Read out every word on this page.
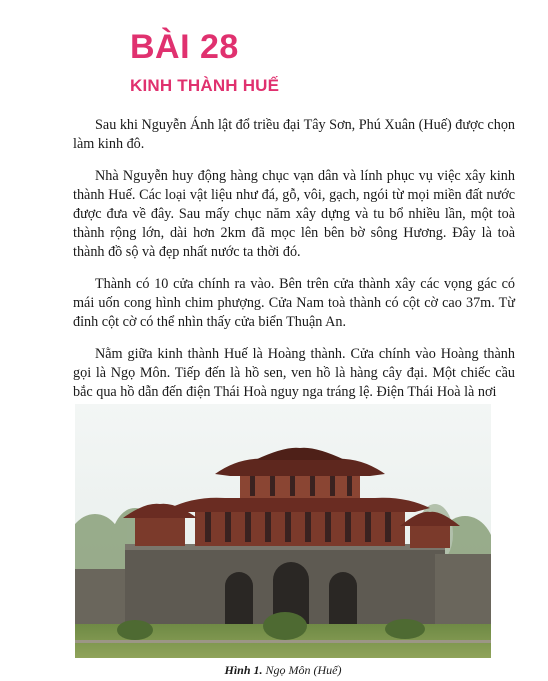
BÀI 28
KINH THÀNH HUẾ

Sau khi Nguyễn Ánh lật đổ triều đại Tây Sơn, Phú Xuân (Huế) được chọn làm kinh đô.

Nhà Nguyễn huy động hàng chục vạn dân và lính phục vụ việc xây kinh thành Huế. Các loại vật liệu như đá, gỗ, vôi, gạch, ngói từ mọi miền đất nước được đưa về đây. Sau mấy chục năm xây dựng và tu bổ nhiều lần, một toà thành rộng lớn, dài hơn 2km đã mọc lên bên bờ sông Hương. Đây là toà thành đồ sộ và đẹp nhất nước ta thời đó.

Thành có 10 cửa chính ra vào. Bên trên cửa thành xây các vọng gác có mái uốn cong hình chim phượng. Cửa Nam toà thành có cột cờ cao 37m. Từ đỉnh cột cờ có thể nhìn thấy cửa biển Thuận An.

Nằm giữa kinh thành Huế là Hoàng thành. Cửa chính vào Hoàng thành gọi là Ngọ Môn. Tiếp đến là hồ sen, ven hồ là hàng cây đại. Một chiếc cầu bắc qua hồ dẫn đến điện Thái Hoà nguy nga tráng lệ. Điện Thái Hoà là nơi

Hình 1. Ngọ Môn (Huế)
